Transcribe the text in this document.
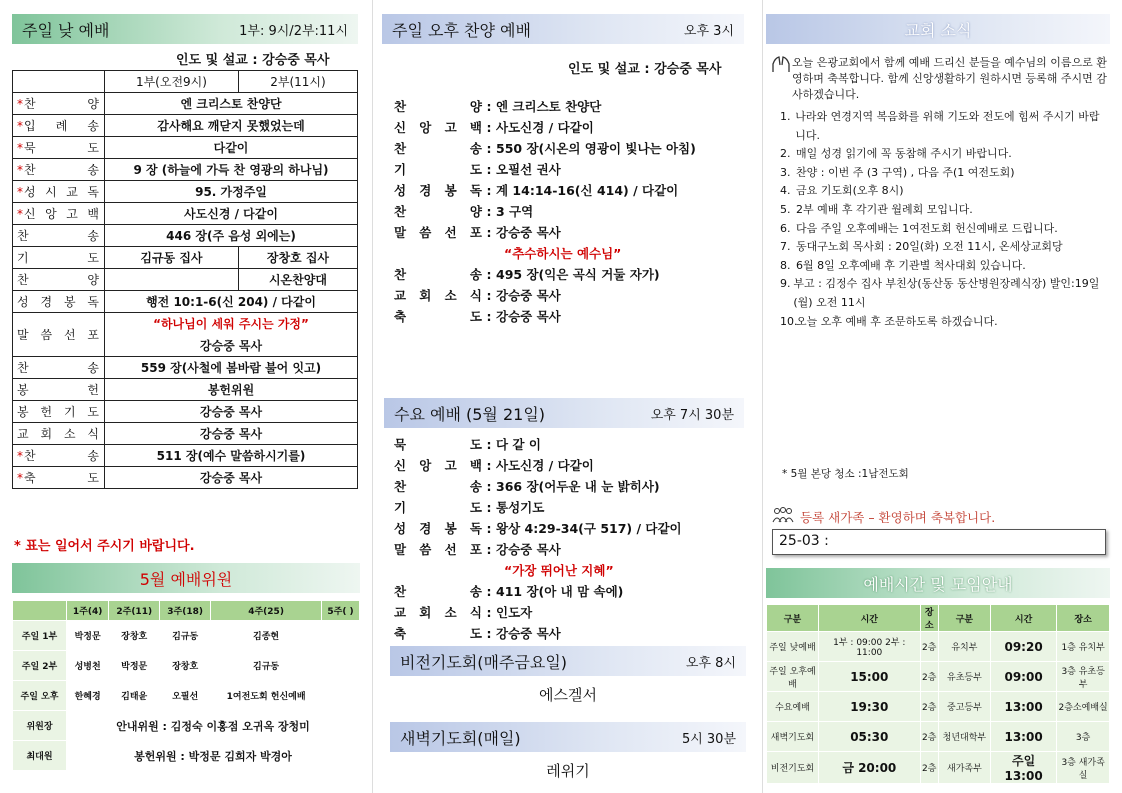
주일 낮 예배	1부: 9시/2부:11시
인도 및 설교 : 강승중 목사
	1부(오전9시)	2부(11시)
*찬 양	엔 크리스토 찬양단	
*입 례 송	감사해요 깨닫지 못했었는데	
*묵 도	다같이	
*찬 송	9 장 (하늘에 가득 찬 영광의 하나님)	
*성 시 교 독	95. 가정주일	
*신 앙 고 백	사도신경 / 다같이	
찬 송	446 장(주 음성 외에는)	
기 도	김규동 집사	장창호 집사
찬 양		시온찬양대
성 경 봉 독	행전 10:1-6(신 204) / 다같이	
말 씀 선 포	“하나님이 세워 주시는 가정”	
	강승중 목사	
찬 송	559 장(사철에 봄바람 불어 잇고)	
봉 헌	봉헌위원	
봉 헌 기 도	강승중 목사	
교 회 소 식	강승중 목사	
*찬 송	511 장(예수 말씀하시기를)	
*축 도	강승중 목사	
* 표는 일어서 주시기 바랍니다.
5월 예배위원
	1주(4)	2주(11)	3주(18)	4주(25)	5주( )
주일 1부	박정문	장창호	김규동	김종현	
주일 2부	성병천	박정문	장창호	김규동	
주일 오후	한혜경	김태윤	오필선	1여전도회 헌신예배	
위원장	안내위원 : 김정숙 이홍점 오귀옥 장청미				
최대원	봉헌위원 : 박정문 김희자 박경아				
주일 오후 찬양 예배	오후 3시
인도 및 설교 : 강승중 목사
찬 양 : 엔 크리스토 찬양단
신 앙 고 백 : 사도신경 / 다같이
찬 송 : 550 장(시온의 영광이 빛나는 아침)
기 도 : 오필선 권사
성 경 봉 독 : 계 14:14-16(신 414) / 다같이
찬 양 : 3 구역
말 씀 선 포 : 강승중 목사
“추수하시는 예수님”
찬 송 : 495 장(익은 곡식 거둘 자가)
교 회 소 식 : 강승중 목사
축 도 : 강승중 목사
수요 예배 (5월 21일)	오후 7시 30분
묵 도 : 다 같 이
신 앙 고 백 : 사도신경 / 다같이
찬 송 : 366 장(어두운 내 눈 밝히사)
기 도 : 통성기도
성 경 봉 독 : 왕상 4:29-34(구 517) / 다같이
말 씀 선 포 : 강승중 목사
“가장 뛰어난 지혜”
찬 송 : 411 장(아 내 맘 속에)
교 회 소 식 : 인도자
축 도 : 강승중 목사
비전기도회(매주금요일)	오후 8시
에스겔서
새벽기도회(매일)	5시 30분
레위기
교회 소식
오늘 은광교회에서 함께 예배 드리신 분들을 예수님의 이름으로 환영하며 축복합니다. 함께 신앙생활하기 원하시면 등록해 주시면 감사하겠습니다.
1. 나라와 연경지역 복음화를 위해 기도와 전도에 힘써 주시기 바랍니다.
2. 매일 성경 읽기에 꼭 동참해 주시기 바랍니다.
3. 찬양 : 이번 주 (3 구역) , 다음 주(1 여전도회)
4. 금요 기도회(오후 8시)
5. 2부 예배 후 각기관 월례회 모입니다.
6. 다음 주일 오후예배는 1여전도회 헌신예배로 드립니다.
7. 동대구노회 목사회 : 20일(화) 오전 11시, 온세상교회당
8. 6월 8일 오후예배 후 기관별 척사대회 있습니다.
9. 부고 : 김정수 집사 부친상(동산동 동산병원장례식장) 발인:19일(월) 오전 11시
10.
오늘 오후 예배 후 조문하도록 하겠습니다.
* 5월 본당 청소 :1남전도회
등록 새가족 – 환영하며 축복합니다.
25-03 :
예배시간 및 모임안내
구분	시간	장소	구분	시간	장소
주일 낮예배	1부 : 09:00 2부 : 11:00	2층	유치부	09:20	1층 유치부
주일 오후예배	15:00	2층	유초등부	09:00	3층 유초등부
수요예배	19:30	2층	중고등부	13:00	2층소예배실
새벽기도회	05:30	2층	청년대학부	13:00	3층
비전기도회	금 20:00	2층	새가족부	주일 13:00	3층 새가족실
